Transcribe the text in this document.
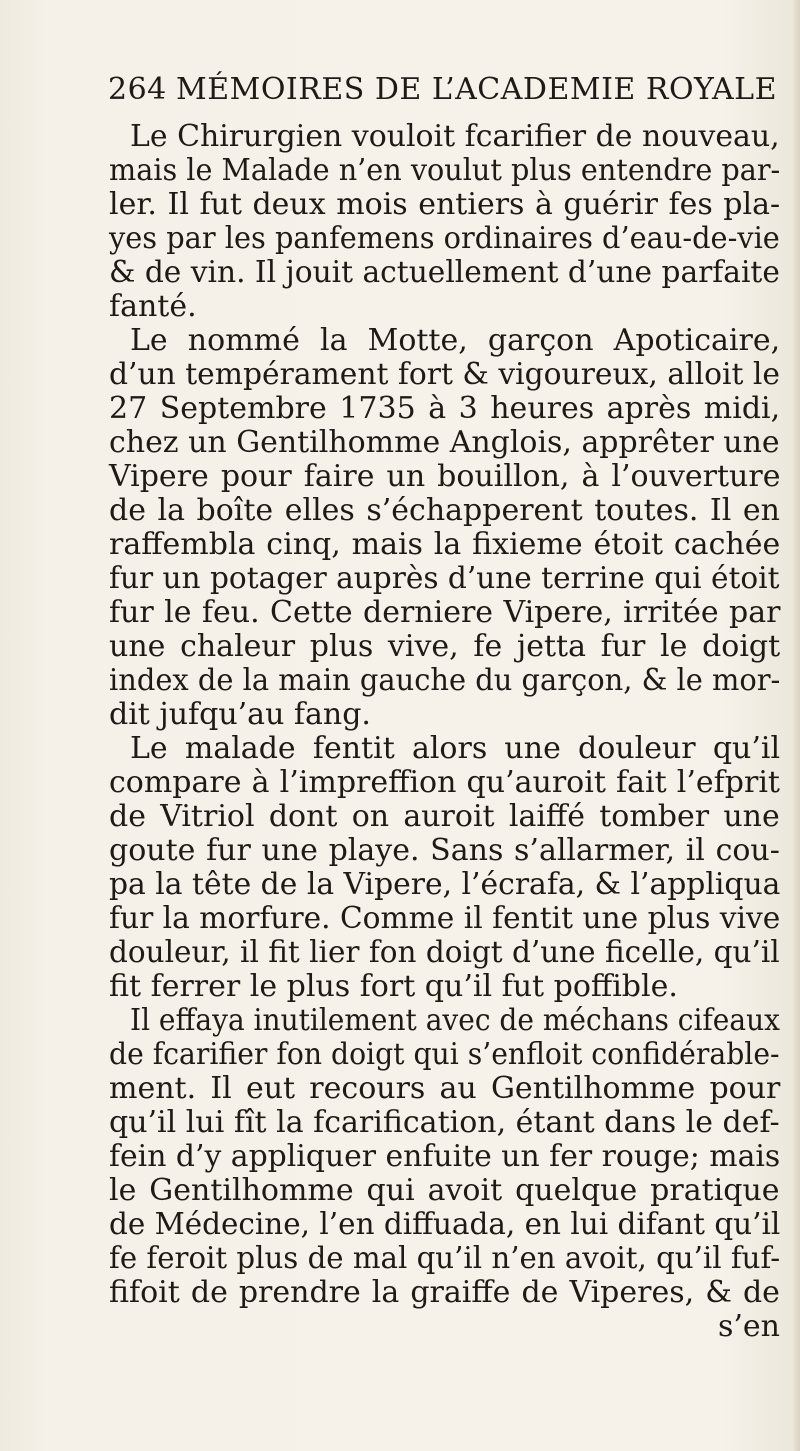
264 MÉMOIRES DE L’ACADEMIE ROYALE
Le Chirurgien vouloit fcarifier de nouveau,
mais le Malade n’en voulut plus entendre par-
ler. Il fut deux mois entiers à guérir fes pla-
yes par les panfemens ordinaires d’eau-de-vie
& de vin. Il jouit actuellement d’une parfaite
fanté.
Le nommé la Motte, garçon Apoticaire,
d’un tempérament fort & vigoureux, alloit le
27 Septembre 1735 à 3 heures après midi,
chez un Gentilhomme Anglois, apprêter une
Vipere pour faire un bouillon, à l’ouverture
de la boîte elles s’échapperent toutes. Il en
raffembla cinq, mais la fixieme étoit cachée
fur un potager auprès d’une terrine qui étoit
fur le feu. Cette derniere Vipere, irritée par
une chaleur plus vive, fe jetta fur le doigt
index de la main gauche du garçon, & le mor-
dit jufqu’au fang.
Le malade fentit alors une douleur qu’il
compare à l’impreffion qu’auroit fait l’efprit
de Vitriol dont on auroit laiffé tomber une
goute fur une playe. Sans s’allarmer, il cou-
pa la tête de la Vipere, l’écrafa, & l’appliqua
fur la morfure. Comme il fentit une plus vive
douleur, il fit lier fon doigt d’une ficelle, qu’il
fit ferrer le plus fort qu’il fut poffible.
Il effaya inutilement avec de méchans cifeaux
de fcarifier fon doigt qui s’enfloit confidérable-
ment. Il eut recours au Gentilhomme pour
qu’il lui fît la fcarification, étant dans le def-
fein d’y appliquer enfuite un fer rouge; mais
le Gentilhomme qui avoit quelque pratique
de Médecine, l’en diffuada, en lui difant qu’il
fe feroit plus de mal qu’il n’en avoit, qu’il fuf-
fifoit de prendre la graiffe de Viperes, & de
s’en
